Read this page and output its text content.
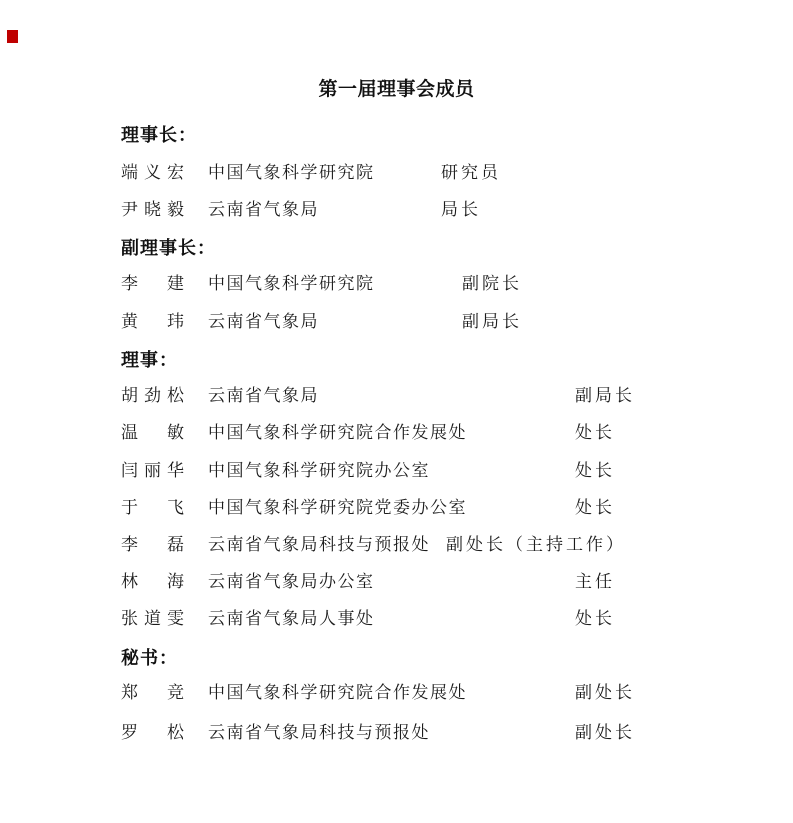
第一届理事会成员
理事长：
端义宏 中国气象科学研究院	研究员
尹晓毅 云南省气象局	局长
副理事长：
李　建 中国气象科学研究院	副院长
黄　玮 云南省气象局	副局长
理事：
胡劲松 云南省气象局	副局长
温　敏 中国气象科学研究院合作发展处	处长
闫丽华 中国气象科学研究院办公室	处长
于　飞 中国气象科学研究院党委办公室	处长
李　磊 云南省气象局科技与预报处 副处长（主持工作）
林　海 云南省气象局办公室	主任
张道雯 云南省气象局人事处	处长
秘书：
郑　竞 中国气象科学研究院合作发展处	副处长
罗　松 云南省气象局科技与预报处	副处长
